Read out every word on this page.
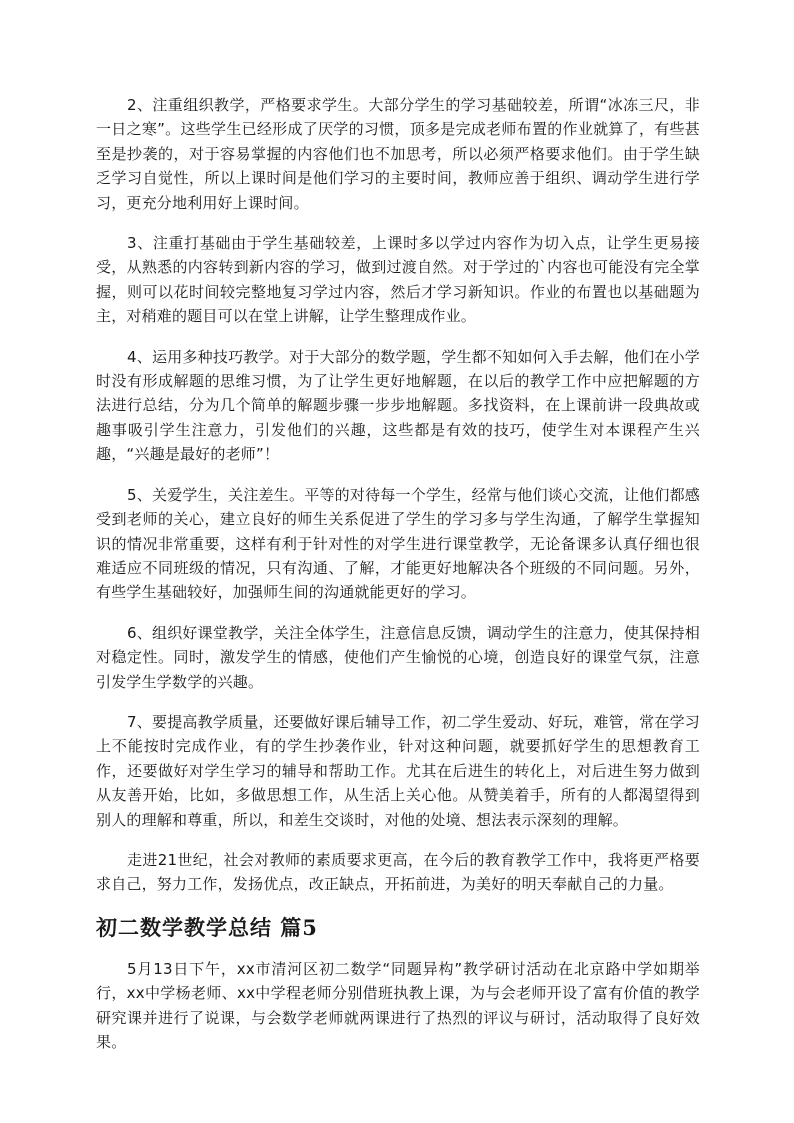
2、注重组织教学，严格要求学生。大部分学生的学习基础较差，所谓“冰冻三尺，非一日之寒”。这些学生已经形成了厌学的习惯，顶多是完成老师布置的作业就算了，有些甚至是抄袭的，对于容易掌握的内容他们也不加思考，所以必须严格要求他们。由于学生缺乏学习自觉性，所以上课时间是他们学习的主要时间，教师应善于组织、调动学生进行学习，更充分地利用好上课时间。

3、注重打基础由于学生基础较差，上课时多以学过内容作为切入点，让学生更易接受，从熟悉的内容转到新内容的学习，做到过渡自然。对于学过的`内容也可能没有完全掌握，则可以花时间较完整地复习学过内容，然后才学习新知识。作业的布置也以基础题为主，对稍难的题目可以在堂上讲解，让学生整理成作业。

4、运用多种技巧教学。对于大部分的数学题，学生都不知如何入手去解，他们在小学时没有形成解题的思维习惯，为了让学生更好地解题，在以后的教学工作中应把解题的方法进行总结，分为几个简单的解题步骤一步步地解题。多找资料，在上课前讲一段典故或趣事吸引学生注意力，引发他们的兴趣，这些都是有效的技巧，使学生对本课程产生兴趣，“兴趣是最好的老师”！

5、关爱学生，关注差生。平等的对待每一个学生，经常与他们谈心交流，让他们都感受到老师的关心，建立良好的师生关系促进了学生的学习多与学生沟通，了解学生掌握知识的情况非常重要，这样有利于针对性的对学生进行课堂教学，无论备课多认真仔细也很难适应不同班级的情况，只有沟通、了解，才能更好地解决各个班级的不同问题。另外，有些学生基础较好，加强师生间的沟通就能更好的学习。

6、组织好课堂教学，关注全体学生，注意信息反馈，调动学生的注意力，使其保持相对稳定性。同时，激发学生的情感，使他们产生愉悦的心境，创造良好的课堂气氛，注意引发学生学数学的兴趣。

7、要提高教学质量，还要做好课后辅导工作，初二学生爱动、好玩，难管，常在学习上不能按时完成作业，有的学生抄袭作业，针对这种问题，就要抓好学生的思想教育工作，还要做好对学生学习的辅导和帮助工作。尤其在后进生的转化上，对后进生努力做到从友善开始，比如，多做思想工作，从生活上关心他。从赞美着手，所有的人都渴望得到别人的理解和尊重，所以，和差生交谈时，对他的处境、想法表示深刻的理解。

走进21世纪，社会对教师的素质要求更高，在今后的教育教学工作中，我将更严格要求自己，努力工作，发扬优点，改正缺点，开拓前进，为美好的明天奉献自己的力量。

初二数学教学总结 篇5

5月13日下午，xx市清河区初二数学“同题异构”教学研讨活动在北京路中学如期举行，xx中学杨老师、xx中学程老师分别借班执教上课，为与会老师开设了富有价值的教学研究课并进行了说课，与会数学老师就两课进行了热烈的评议与研讨，活动取得了良好效果。
